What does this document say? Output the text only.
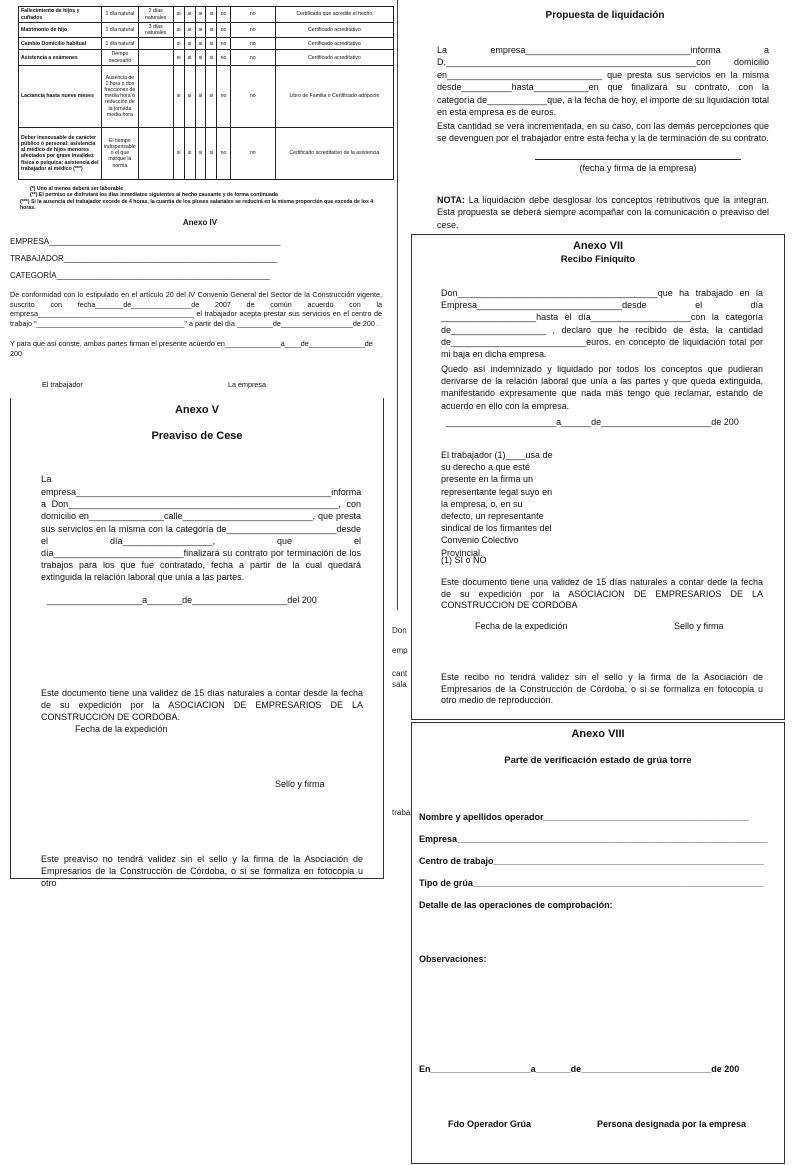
Fallecimiento de hijos y cuñados	1 día natural	2 días naturales	si	si	si	si	no	no	Certificado que acredite el hecho
Matrimonio de hijo	1 día natural	3 días naturales	si	si	si	si	no	no	Certificado acreditativo
Cambio Domicilio habitual	1 día natural		si	si	si	si	no	no	Certificado acreditativo
Asistencia a exámenes	Tiempo necesario		si	si	si	si	no	no	Certificado acreditativo
Lactancia hasta nueve meses	Ausencia de 1 hora o dos fracciones de media hora o reducción de la jornada media hora		si	si	si	si	no	no	Libro de Familia o Certificado adopción
Deber inexcusable de carácter público ó personal; asistencia al médico de hijos menores afectados por grave invalidez física o psíquica; asistencia del trabajador al médico (***)	El tiempo indispensable o el que marque la norma		si	si	si	si	no	no	Certificado acreditativo de la asistencia
(*) Uno al menos deberá ser laborable
(**) El permiso se disfrutará los días inmediatos siguientes al hecho causante y de forma continuada
(***) Si la ausencia del trabajador excede de 4 horas, la cuantía de los pluses salariales se reducirá en la misma proporción que exceda de los 4 horas.
Anexo IV
EMPRESA____________________________________________________
TRABAJADOR________________________________________________
CATEGORÍA________________________________________________
De conformidad con lo estipulado en el artículo 20 del IV Convenio General del Sector de la Construcción vigente, suscrito con fecha_______de_______________de 2007 de común acuerdo con la empresa_______________________________________ el trabajador acepta prestar sus servicios en el centro de trabajo "_____________________________________" a partir del día _________de__________________de 200 .
Y para que así conste, ambas partes firman el presente acuerdo en______________a____de______________de 200
El trabajador	La empresa
Anexo V
Preaviso de Cese
La
empresa___________________________________________________informa a Don______________________________________________________, con domicilio en_______________calle__________________________, que presta sus servicios en la misma con la categoría de______________________desde el día__________________, que el día__________________________finalizará su contrato por terminación de los trabajos para los que fue contratado, fecha a partir de la cual quedará extinguida la relación laboral que unía a las partes.
___________________a_______de___________________del 200
Este documento tiene una validez de 15 días naturales a contar desde la fecha de su expedición por la ASOCIACION DE EMPRESARIOS DE LA CONSTRUCCION DE CORDOBA.
Fecha de la expedición
Sello y firma
Este preaviso no tendrá validez sin el sello y la firma de la Asociación de Empresarios de la Construcción de Córdoba, o si se formaliza en fotocopia u otro
Don
emp
cant
sala
traba
Propuesta de liquidación
La empresa_________________________________informa a D.__________________________________________________con domicilio en_______________________________ que presta sus servicios en la misma desde__________hasta___________en que finalizará su contrato, con la categoría de____________que, a la fecha de hoy, el importe de su liquidación total en esta empresa es de euros.
Esta cantidad se verá incrementada, en su caso, con las demás percepciones que se devenguen por el trabajador entre esta fecha y la de terminación de su contrato.
(fecha y firma de la empresa)
NOTA: La liquidación debe desglosar los conceptos retributivos que la integran. Esta propuesta se deberá siempre acompañar con la comunicación o preaviso del cese.
Anexo VII
Recibo Finiquito
Don________________________________________que ha trabajado en la Empresa_____________________________desde el día ___________________hasta el día____________________con la categoría de___________________ , declaro que he recibido de ésta, la cantidad de___________________________euros. en concepto de liquidación total por mi baja en dicha empresa.
Quedo así indemnizado y liquidado por todos los conceptos que pudieran derivarse de la relación laboral que unía a las partes y que queda extinguida, manifestando expresamente que nada más tengo que reclamar, estando de acuerdo en ello con la empresa.
______________________a______de______________________de 200
El trabajador (1)____usa de su derecho a que esté presente en la firma un representante legal suyo en la empresa, o, en su defecto, un representante sindical de los firmantes del Convenio Colectivo Provincial.
(1) SI o NO
Este documento tiene una validez de 15 días naturales a contar dede la fecha de su expedición por la ASOCIACION DE EMPRESARIOS DE LA CONSTRUCCION DE CORDOBA
Fecha de la expedición	Sello y firma
Este recibo no tendrá validez sin el sello y la firma de la Asociación de Empresarios de la Construcción de Córdoba, o si se formaliza en fotocopia u otro medio de reproducción.
Anexo VIII
Parte de verificación estado de grúa torre
Nombre y apellidos operador_________________________________________
Empresa______________________________________________________________
Centro de trabajo______________________________________________________
Tipo de grúa__________________________________________________________
Detalle de las operaciones de comprobación:
Observaciones:
En____________________a_______de__________________________de 200
Fdo Operador Grúa	Persona designada por la empresa
